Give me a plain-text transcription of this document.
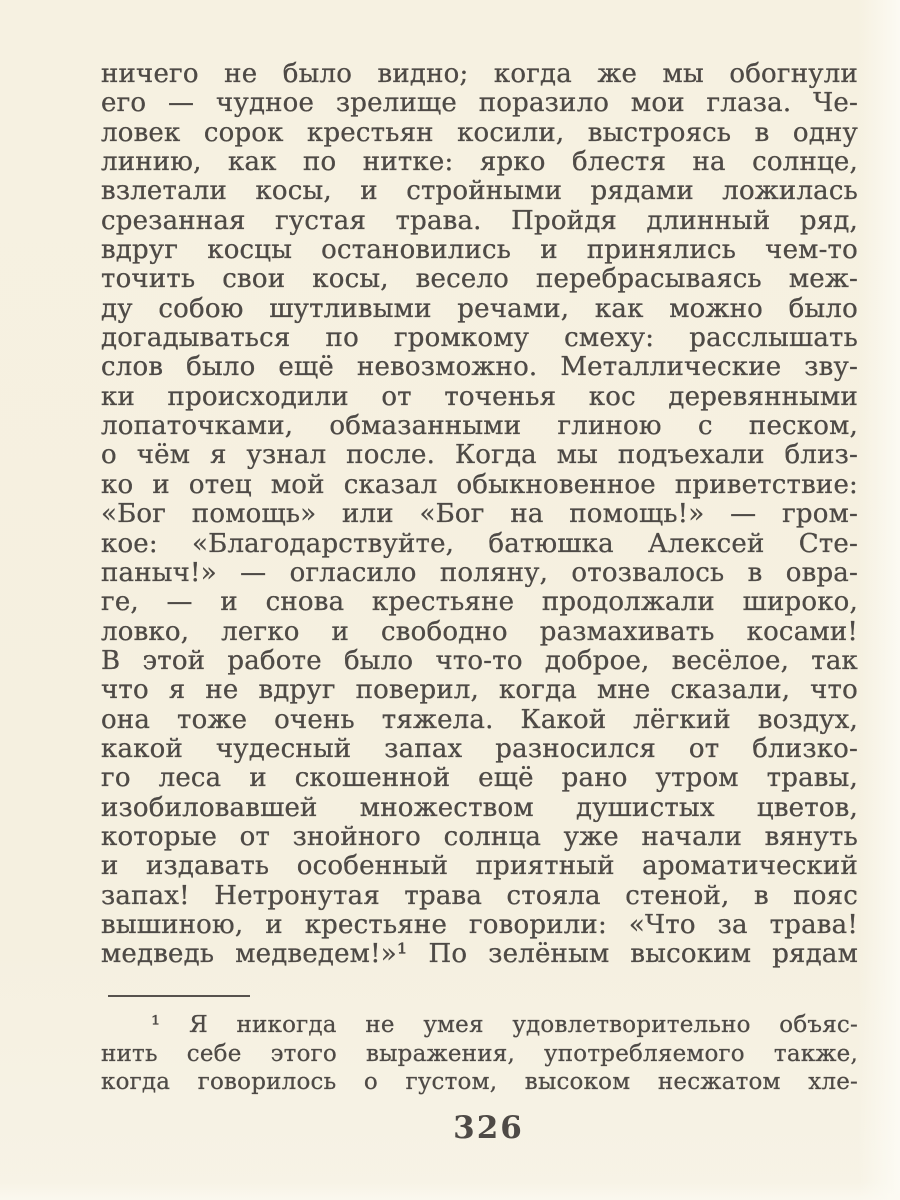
ничего не было видно; когда же мы обогнули
его — чудное зрелище поразило мои глаза. Че-
ловек сорок крестьян косили, выстроясь в одну
линию, как по нитке: ярко блестя на солнце,
взлетали косы, и стройными рядами ложилась
срезанная густая трава. Пройдя длинный ряд,
вдруг косцы остановились и принялись чем-то
точить свои косы, весело перебрасываясь меж-
ду собою шутливыми речами, как можно было
догадываться по громкому смеху: расслышать
слов было ещё невозможно. Металлические зву-
ки происходили от точенья кос деревянными
лопаточками, обмазанными глиною с песком,
о чём я узнал после. Когда мы подъехали близ-
ко и отец мой сказал обыкновенное приветствие:
«Бог помощь» или «Бог на помощь!» — гром-
кое: «Благодарствуйте, батюшка Алексей Сте-
паныч!» — огласило поляну, отозвалось в овра-
ге, — и снова крестьяне продолжали широко,
ловко, легко и свободно размахивать косами!
В этой работе было что-то доброе, весёлое, так
что я не вдруг поверил, когда мне сказали, что
она тоже очень тяжела. Какой лёгкий воздух,
какой чудесный запах разносился от близко-
го леса и скошенной ещё рано утром травы,
изобиловавшей множеством душистых цветов,
которые от знойного солнца уже начали вянуть
и издавать особенный приятный ароматический
запах! Нетронутая трава стояла стеной, в пояс
вышиною, и крестьяне говорили: «Что за трава!
медведь медведем!»¹ По зелёным высоким рядам
¹ Я никогда не умея удовлетворительно объяс-
нить себе этого выражения, употребляемого также,
когда говорилось о густом, высоком несжатом хле-
326
